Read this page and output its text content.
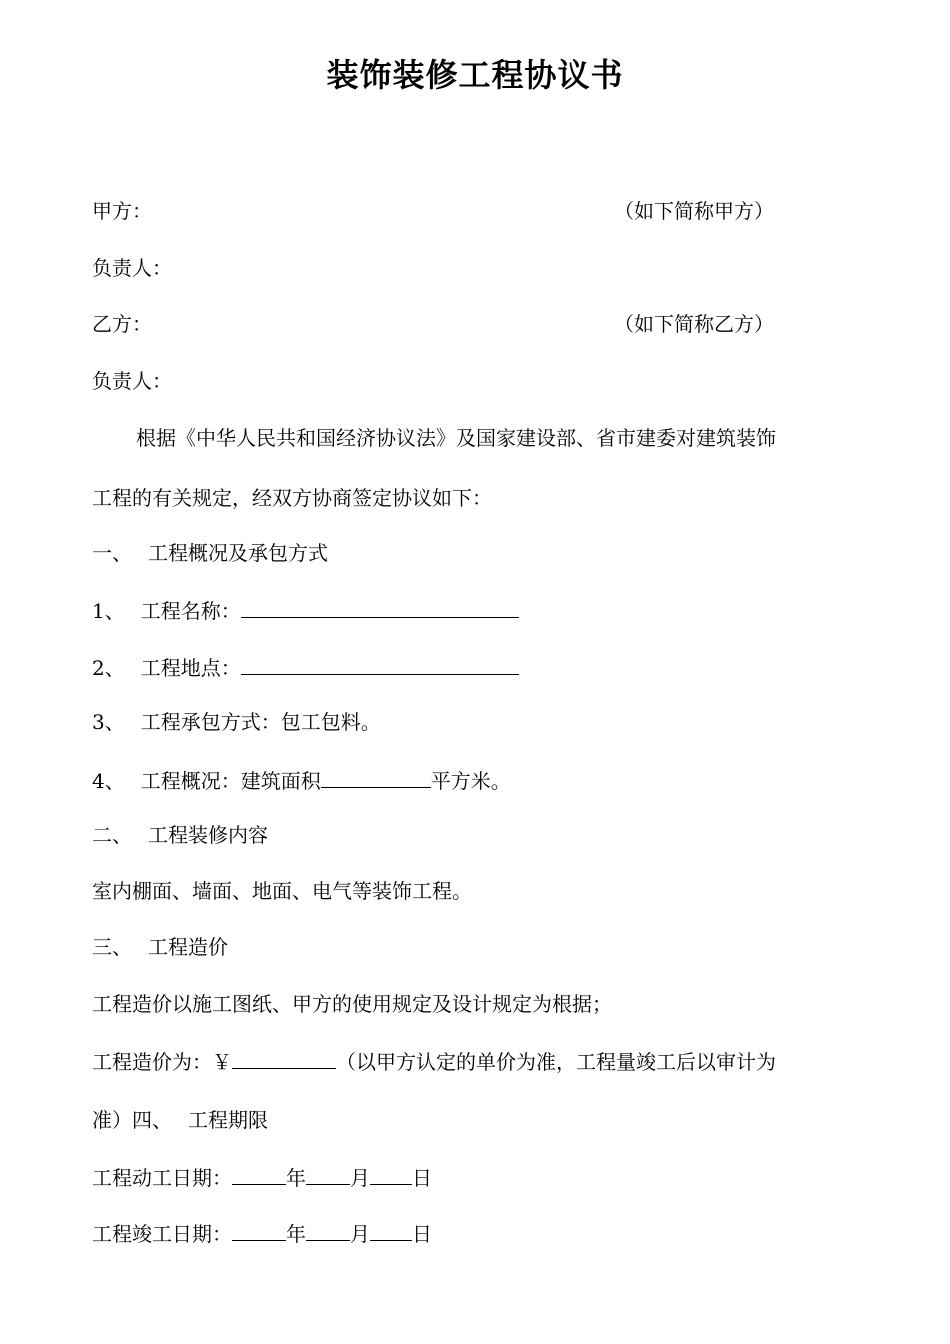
装饰装修工程协议书
甲方：	（如下简称甲方）
负责人：
乙方：	（如下简称乙方）
负责人：
根据《中华人民共和国经济协议法》及国家建设部、省市建委对建筑装饰
工程的有关规定，经双方协商签定协议如下：
一、 工程概况及承包方式
1、 工程名称：
2、 工程地点：
3、 工程承包方式：包工包料。
4、 工程概况：建筑面积	平方米。
二、 工程装修内容
室内棚面、墙面、地面、电气等装饰工程。
三、 工程造价
工程造价以施工图纸、甲方的使用规定及设计规定为根据；
工程造价为：￥	（以甲方认定的单价为准，工程量竣工后以审计为
准）四、 工程期限
工程动工日期：	年 月 日
工程竣工日期：	年 月 日
